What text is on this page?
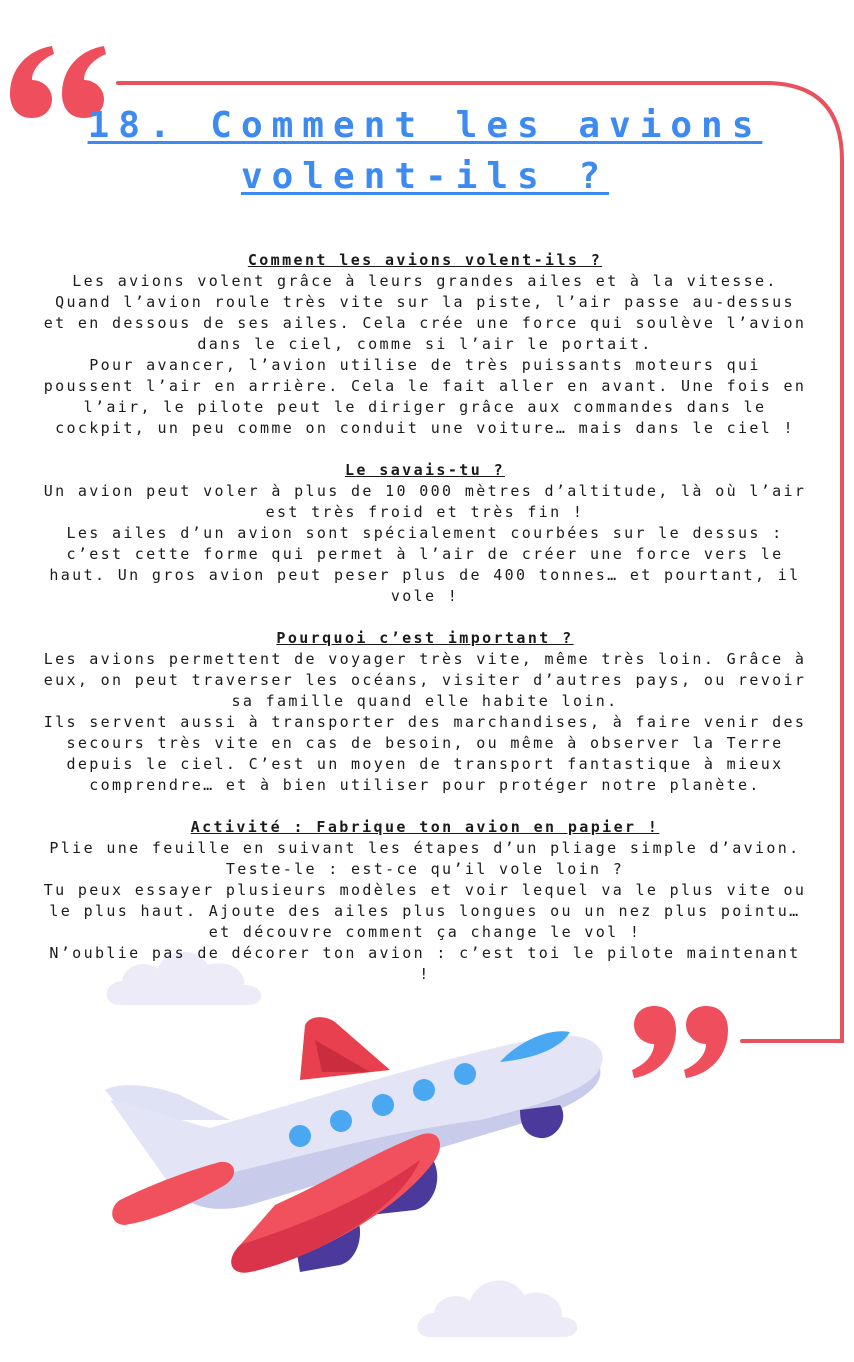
18. Comment les avions volent-ils ?
Comment les avions volent-ils ?

Les avions volent grâce à leurs grandes ailes et à la vitesse. Quand l’avion roule très vite sur la piste, l’air passe au-dessus et en dessous de ses ailes. Cela crée une force qui soulève l’avion dans le ciel, comme si l’air le portait.

Pour avancer, l’avion utilise de très puissants moteurs qui poussent l’air en arrière. Cela le fait aller en avant. Une fois en l’air, le pilote peut le diriger grâce aux commandes dans le cockpit, un peu comme on conduit une voiture… mais dans le ciel !

Le savais-tu ?

Un avion peut voler à plus de 10 000 mètres d’altitude, là où l’air est très froid et très fin !

Les ailes d’un avion sont spécialement courbées sur le dessus : c’est cette forme qui permet à l’air de créer une force vers le haut. Un gros avion peut peser plus de 400 tonnes… et pourtant, il vole !

Pourquoi c’est important ?

Les avions permettent de voyager très vite, même très loin. Grâce à eux, on peut traverser les océans, visiter d’autres pays, ou revoir sa famille quand elle habite loin.

Ils servent aussi à transporter des marchandises, à faire venir des secours très vite en cas de besoin, ou même à observer la Terre depuis le ciel. C’est un moyen de transport fantastique à mieux comprendre… et à bien utiliser pour protéger notre planète.

Activité : Fabrique ton avion en papier !

Plie une feuille en suivant les étapes d’un pliage simple d’avion.

Teste-le : est-ce qu’il vole loin ?

Tu peux essayer plusieurs modèles et voir lequel va le plus vite ou le plus haut. Ajoute des ailes plus longues ou un nez plus pointu… et découvre comment ça change le vol !

N’oublie pas de décorer ton avion : c’est toi le pilote maintenant !
